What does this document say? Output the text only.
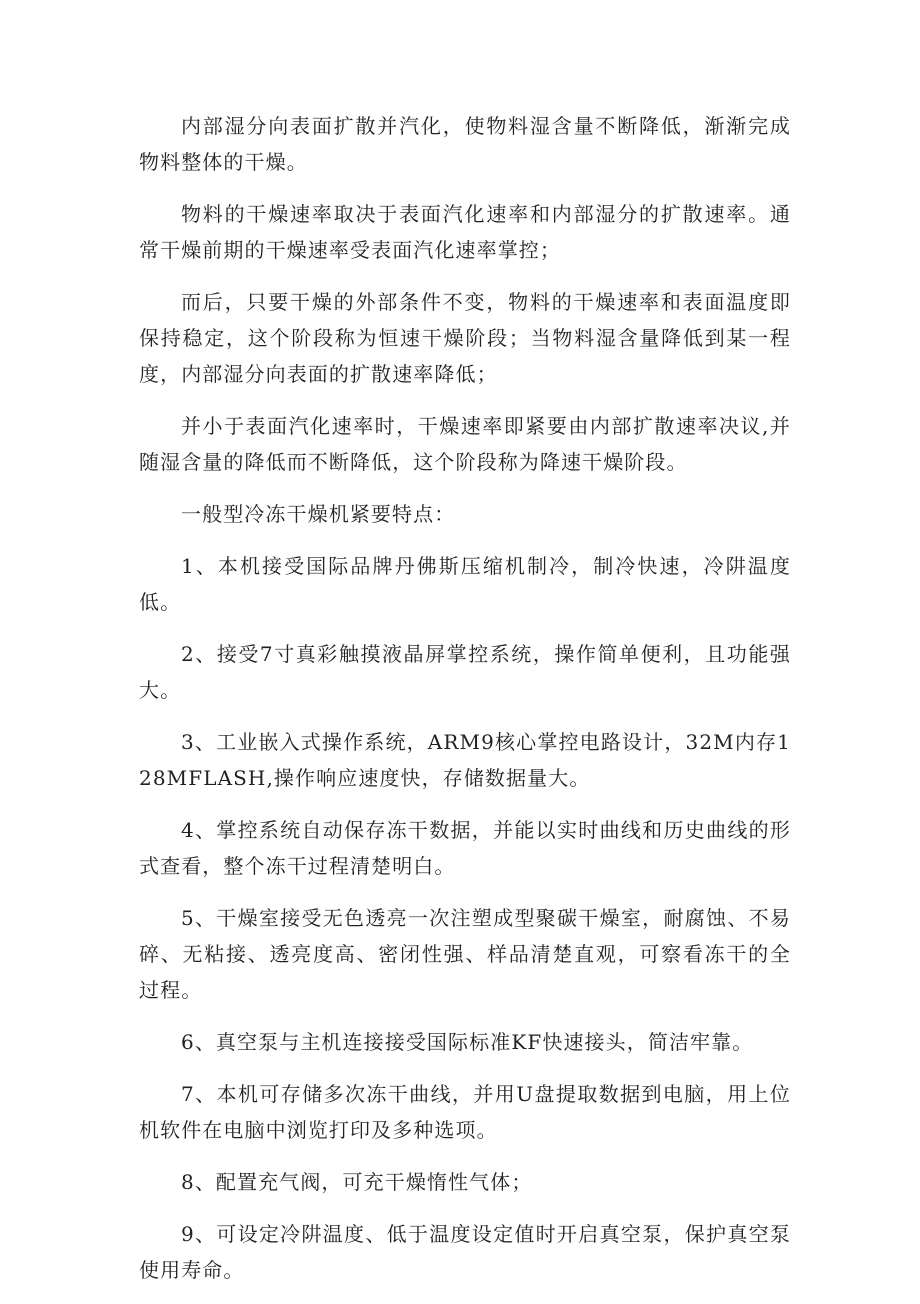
内部湿分向表面扩散并汽化，使物料湿含量不断降低，渐渐完成物料整体的干燥。

物料的干燥速率取决于表面汽化速率和内部湿分的扩散速率。通常干燥前期的干燥速率受表面汽化速率掌控；

而后，只要干燥的外部条件不变，物料的干燥速率和表面温度即保持稳定，这个阶段称为恒速干燥阶段；当物料湿含量降低到某一程度，内部湿分向表面的扩散速率降低；

并小于表面汽化速率时，干燥速率即紧要由内部扩散速率决议,并随湿含量的降低而不断降低，这个阶段称为降速干燥阶段。

一般型冷冻干燥机紧要特点：

1、本机接受国际品牌丹佛斯压缩机制冷，制冷快速，冷阱温度低。

2、接受7寸真彩触摸液晶屏掌控系统，操作简单便利，且功能强大。

3、工业嵌入式操作系统，ARM9核心掌控电路设计，32M内存128MFLASH,操作响应速度快，存储数据量大。

4、掌控系统自动保存冻干数据，并能以实时曲线和历史曲线的形式查看，整个冻干过程清楚明白。

5、干燥室接受无色透亮一次注塑成型聚碳干燥室，耐腐蚀、不易碎、无粘接、透亮度高、密闭性强、样品清楚直观，可察看冻干的全过程。

6、真空泵与主机连接接受国际标准KF快速接头，简洁牢靠。

7、本机可存储多次冻干曲线，并用U盘提取数据到电脑，用上位机软件在电脑中浏览打印及多种选项。

8、配置充气阀，可充干燥惰性气体；

9、可设定冷阱温度、低于温度设定值时开启真空泵，保护真空泵使用寿命。
